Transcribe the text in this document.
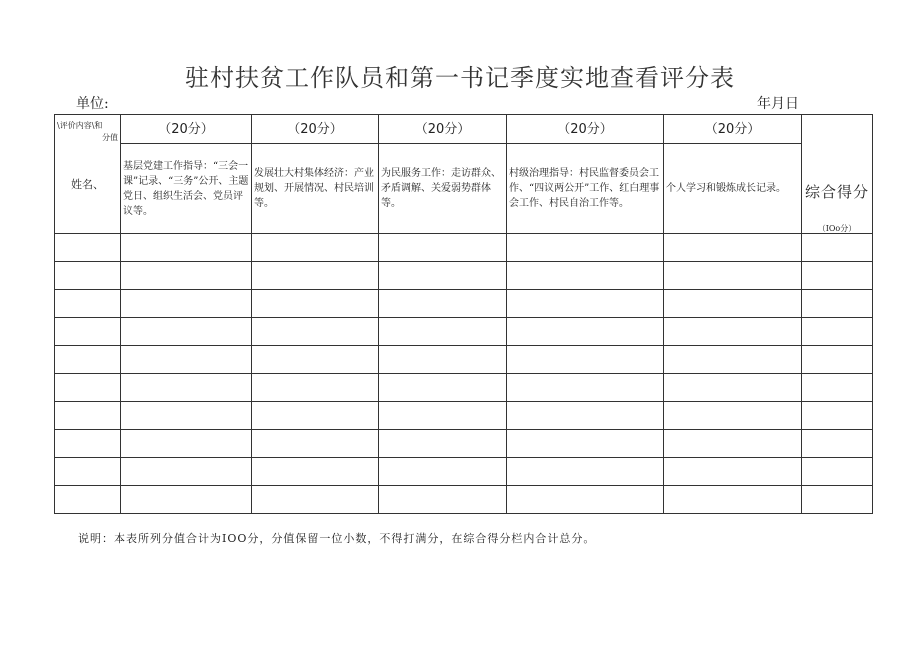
驻村扶贫工作队员和第一书记季度实地查看评分表
单位:	年月日
\评价内容\和
分值
姓名、	（20分）	（20分）	（20分）	（20分）	（20分）	综合得分
（IOo分）

	基层党建工作指导：“三会一课”记录、“三务”公开、主题党日、组织生活会、党员评议等。	发展壮大村集体经济：产业规划、开展情况、村民培训等。	为民服务工作：走访群众、矛盾调解、关爱弱势群体等。	村级治理指导：村民监督委员会工作、“四议两公开”工作、红白理事会工作、村民自治工作等。	个人学习和锻炼成长记录。	

说明：本表所列分值合计为IOO分，分值保留一位小数，不得打满分，在综合得分栏内合计总分。
